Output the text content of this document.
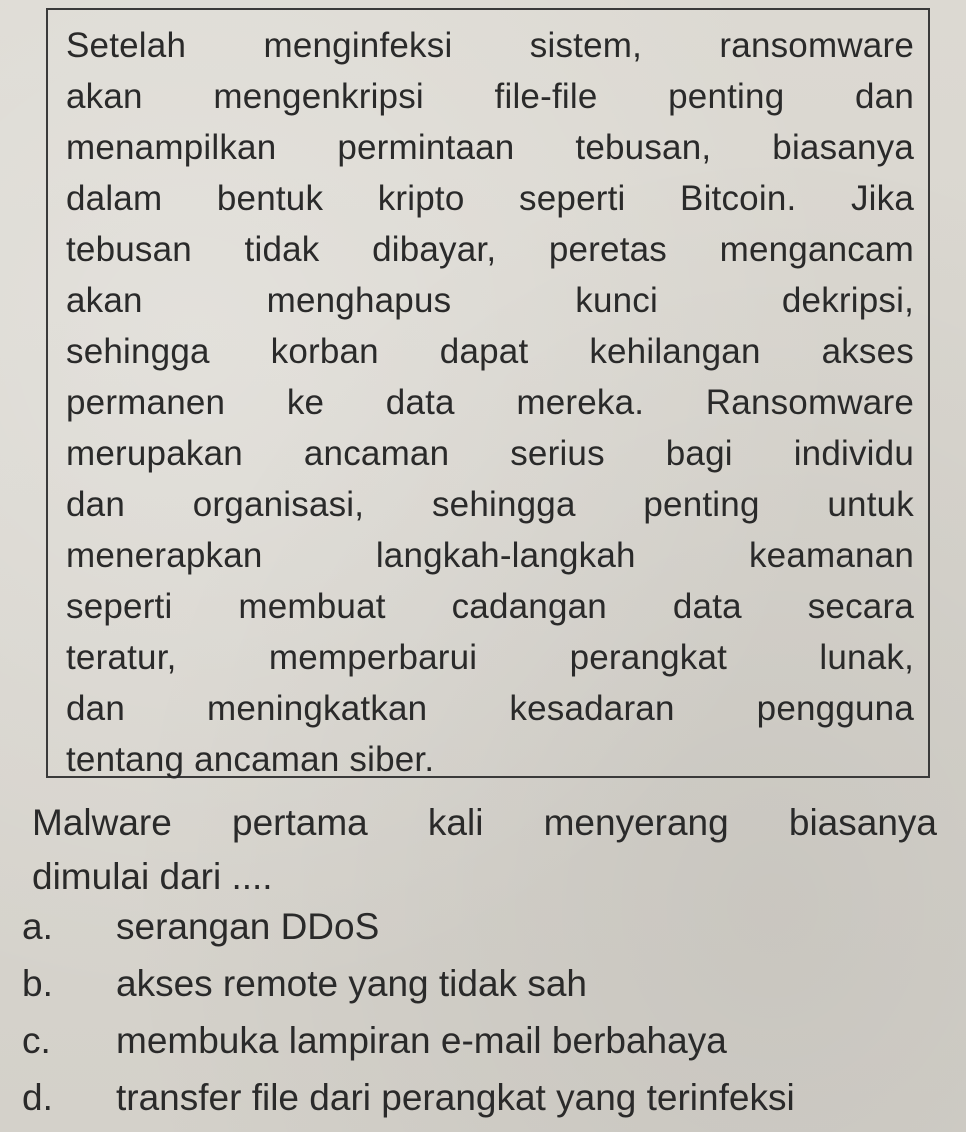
Setelah menginfeksi sistem, ransomware
akan mengenkripsi file-file penting dan
menampilkan permintaan tebusan, biasanya
dalam bentuk kripto seperti Bitcoin. Jika
tebusan tidak dibayar, peretas mengancam
akan menghapus kunci dekripsi,
sehingga korban dapat kehilangan akses
permanen ke data mereka. Ransomware
merupakan ancaman serius bagi individu
dan organisasi, sehingga penting untuk
menerapkan langkah-langkah keamanan
seperti membuat cadangan data secara
teratur, memperbarui perangkat lunak,
dan meningkatkan kesadaran pengguna
tentang ancaman siber.
Malware pertama kali menyerang biasanya
dimulai dari ....
a.	serangan DDoS
b.	akses remote yang tidak sah
c.	membuka lampiran e-mail berbahaya
d.	transfer file dari perangkat yang terinfeksi
